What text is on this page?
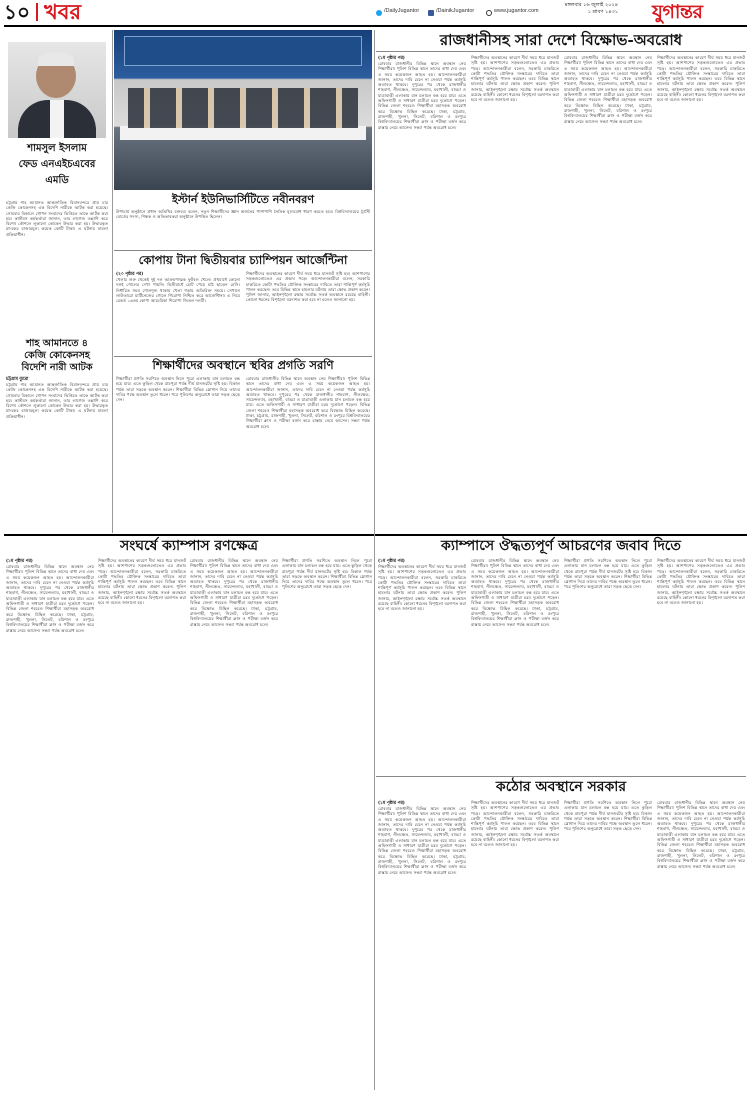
১০ খবর	/DailyJugantor	/DainikJugantor	www.jugantor.com
মঙ্গলবার ১৬ জুলাই ২০২৪
১ শ্রাবণ ১৪৩১ যুগান্তর
শামসুল ইসলাম
ফেড এনএইচএবের
এমডি
চট্টগ্রাম শাহ আমানত আন্তর্জাতিক বিমানবন্দরে প্রায় চার কেজি কোকেনসহ এক বিদেশি নারীকে আটক করা হয়েছে। সোমবার বিকালে গোপন সংবাদের ভিত্তিতে তাকে আটক করা হয়। কাস্টমস কর্মকর্তারা জানান, তার লাগেজ তল্লাশি করে বিশেষ কৌশলে লুকানো কোকেন উদ্ধার করা হয়। উদ্ধারকৃত মাদকের বাজারমূল্য কয়েক কোটি টাকা। এ ঘটনায় মামলা প্রক্রিয়াধীন।
শাহ আমানতে ৪
কেজি কোকেনসহ
বিদেশি নারী আটক
চট্টগ্রাম ব্যুরো
চট্টগ্রাম শাহ আমানত আন্তর্জাতিক বিমানবন্দরে প্রায় চার কেজি কোকেনসহ এক বিদেশি নারীকে আটক করা হয়েছে। সোমবার বিকালে গোপন সংবাদের ভিত্তিতে তাকে আটক করা হয়। কাস্টমস কর্মকর্তারা জানান, তার লাগেজ তল্লাশি করে বিশেষ কৌশলে লুকানো কোকেন উদ্ধার করা হয়। উদ্ধারকৃত মাদকের বাজারমূল্য কয়েক কোটি টাকা। এ ঘটনায় মামলা প্রক্রিয়াধীন।
ইস্টার্ন ইউনিভার্সিটিতে নবীনবরণ
উপাচার্য অনুষ্ঠানে প্রধান অতিথির বক্তব্যে বলেন, নতুন শিক্ষার্থীদের জ্ঞান অর্জনের পাশাপাশি নৈতিক মূল্যবোধ ধারণ করতে হবে। বিশ্ববিদ্যালয়ের ট্রাস্টি বোর্ডের সদস্য, শিক্ষক ও অভিভাবকরা অনুষ্ঠানে উপস্থিত ছিলেন।
কোপায় টানা দ্বিতীয়বার চ্যাম্পিয়ন আর্জেন্টিনা
(২০ পৃষ্ঠার পর)
খেলার শুরু থেকেই দুই দল আক্রমণাত্মক ফুটবল খেলে। প্রথমার্ধে কোনো দলই গোলের দেখা পায়নি। দ্বিতীয়ার্ধে চোট পেয়ে মাঠ ছাড়েন মেসি। নির্ধারিত সময় গোলশূন্য থাকায় খেলা গড়ায় অতিরিক্ত সময়ে। সেখানে লাউতারো মার্টিনেজের গোলে শিরোপা নিশ্চিত করে আর্জেন্টিনা। এ নিয়ে রেকর্ড ১৬তম কোপা আমেরিকা শিরোপা জিতল দলটি।
শিক্ষার্থীদের অবস্থানের কারণে দীর্ঘ সময় ধরে যানজট সৃষ্টি হয়। আশপাশের সড়কগুলোতেও এর প্রভাব পড়ে। আন্দোলনকারীরা বলেন, সরকারি চাকরিতে কোটা পদ্ধতির যৌক্তিক সংস্কারের দাবিতে তারা শান্তিপূর্ণ কর্মসূচি পালন করছেন। তবে বিভিন্ন স্থানে হামলার ঘটনায় তারা ক্ষোভ প্রকাশ করেন। পুলিশ জানায়, আইনশৃঙ্খলা রক্ষায় সর্বোচ্চ সতর্ক অবস্থানে রয়েছে বাহিনী। কোনো ধরনের বিশৃঙ্খলা বরদাশত করা হবে না বলেও জানানো হয়।
শিক্ষার্থীদের অবস্থানে স্থবির প্রগতি সরণি
শিক্ষার্থীরা প্রগতি সরণিতে অবস্থান নিলে পুরো এলাকায় যান চলাচল বন্ধ হয়ে যায়। এতে কুড়িল থেকে রামপুরা পর্যন্ত দীর্ঘ যানজটের সৃষ্টি হয়। বিকাল পর্যন্ত তারা সড়কে অবস্থান করেন। শিক্ষার্থীরা বিভিন্ন স্লোগান দিয়ে তাদের দাবির পক্ষে অবস্থান তুলে ধরেন। পরে পুলিশের অনুরোধে তারা সড়ক ছেড়ে দেন।
রোববার রাজধানীর বিভিন্ন স্থানে অবস্থান নেয় শিক্ষার্থীরা। পুলিশ বিভিন্ন স্থানে তাদের বাধা দেয় এবং এ সময় কয়েকজন আহত হয়। আন্দোলনকারীরা জানান, তাদের দাবি মেনে না নেওয়া পর্যন্ত কর্মসূচি অব্যাহত থাকবে। দুপুরের পর থেকে রাজধানীর শাহবাগ, নীলক্ষেত, সায়েন্সল্যাব, মহাখালী, বাড্ডা ও যাত্রাবাড়ী এলাকায় যান চলাচল বন্ধ হয়ে যায়। এতে অফিসগামী ও সাধারণ যাত্রীরা চরম দুর্ভোগে পড়েন। বিভিন্ন জেলা শহরেও শিক্ষার্থীরা মহাসড়ক অবরোধ করে বিক্ষোভ মিছিল করেছে। ঢাকা, চট্টগ্রাম, রাজশাহী, খুলনা, সিলেট, বরিশাল ও রংপুরে বিশ্ববিদ্যালয়ের শিক্ষার্থীরা ক্লাস ও পরীক্ষা বর্জন করে রাস্তায় নেমে আসেন। সন্ধ্যা পর্যন্ত অবরোধ চলে।
রাজধানীসহ সারা দেশে বিক্ষোভ-অবরোধ
(১ম পৃষ্ঠার পর)
রোববার রাজধানীর বিভিন্ন স্থানে অবস্থান নেয় শিক্ষার্থীরা। পুলিশ বিভিন্ন স্থানে তাদের বাধা দেয় এবং এ সময় কয়েকজন আহত হয়। আন্দোলনকারীরা জানান, তাদের দাবি মেনে না নেওয়া পর্যন্ত কর্মসূচি অব্যাহত থাকবে। দুপুরের পর থেকে রাজধানীর শাহবাগ, নীলক্ষেত, সায়েন্সল্যাব, মহাখালী, বাড্ডা ও যাত্রাবাড়ী এলাকায় যান চলাচল বন্ধ হয়ে যায়। এতে অফিসগামী ও সাধারণ যাত্রীরা চরম দুর্ভোগে পড়েন। বিভিন্ন জেলা শহরেও শিক্ষার্থীরা মহাসড়ক অবরোধ করে বিক্ষোভ মিছিল করেছে। ঢাকা, চট্টগ্রাম, রাজশাহী, খুলনা, সিলেট, বরিশাল ও রংপুরে বিশ্ববিদ্যালয়ের শিক্ষার্থীরা ক্লাস ও পরীক্ষা বর্জন করে রাস্তায় নেমে আসেন। সন্ধ্যা পর্যন্ত অবরোধ চলে।
শিক্ষার্থীদের অবস্থানের কারণে দীর্ঘ সময় ধরে যানজট সৃষ্টি হয়। আশপাশের সড়কগুলোতেও এর প্রভাব পড়ে। আন্দোলনকারীরা বলেন, সরকারি চাকরিতে কোটা পদ্ধতির যৌক্তিক সংস্কারের দাবিতে তারা শান্তিপূর্ণ কর্মসূচি পালন করছেন। তবে বিভিন্ন স্থানে হামলার ঘটনায় তারা ক্ষোভ প্রকাশ করেন। পুলিশ জানায়, আইনশৃঙ্খলা রক্ষায় সর্বোচ্চ সতর্ক অবস্থানে রয়েছে বাহিনী। কোনো ধরনের বিশৃঙ্খলা বরদাশত করা হবে না বলেও জানানো হয়।
রোববার রাজধানীর বিভিন্ন স্থানে অবস্থান নেয় শিক্ষার্থীরা। পুলিশ বিভিন্ন স্থানে তাদের বাধা দেয় এবং এ সময় কয়েকজন আহত হয়। আন্দোলনকারীরা জানান, তাদের দাবি মেনে না নেওয়া পর্যন্ত কর্মসূচি অব্যাহত থাকবে। দুপুরের পর থেকে রাজধানীর শাহবাগ, নীলক্ষেত, সায়েন্সল্যাব, মহাখালী, বাড্ডা ও যাত্রাবাড়ী এলাকায় যান চলাচল বন্ধ হয়ে যায়। এতে অফিসগামী ও সাধারণ যাত্রীরা চরম দুর্ভোগে পড়েন। বিভিন্ন জেলা শহরেও শিক্ষার্থীরা মহাসড়ক অবরোধ করে বিক্ষোভ মিছিল করেছে। ঢাকা, চট্টগ্রাম, রাজশাহী, খুলনা, সিলেট, বরিশাল ও রংপুরে বিশ্ববিদ্যালয়ের শিক্ষার্থীরা ক্লাস ও পরীক্ষা বর্জন করে রাস্তায় নেমে আসেন। সন্ধ্যা পর্যন্ত অবরোধ চলে।
শিক্ষার্থীদের অবস্থানের কারণে দীর্ঘ সময় ধরে যানজট সৃষ্টি হয়। আশপাশের সড়কগুলোতেও এর প্রভাব পড়ে। আন্দোলনকারীরা বলেন, সরকারি চাকরিতে কোটা পদ্ধতির যৌক্তিক সংস্কারের দাবিতে তারা শান্তিপূর্ণ কর্মসূচি পালন করছেন। তবে বিভিন্ন স্থানে হামলার ঘটনায় তারা ক্ষোভ প্রকাশ করেন। পুলিশ জানায়, আইনশৃঙ্খলা রক্ষায় সর্বোচ্চ সতর্ক অবস্থানে রয়েছে বাহিনী। কোনো ধরনের বিশৃঙ্খলা বরদাশত করা হবে না বলেও জানানো হয়।
সংঘর্ষে ক্যাম্পাস রণক্ষেত্র
(১ম পৃষ্ঠার পর)
রোববার রাজধানীর বিভিন্ন স্থানে অবস্থান নেয় শিক্ষার্থীরা। পুলিশ বিভিন্ন স্থানে তাদের বাধা দেয় এবং এ সময় কয়েকজন আহত হয়। আন্দোলনকারীরা জানান, তাদের দাবি মেনে না নেওয়া পর্যন্ত কর্মসূচি অব্যাহত থাকবে। দুপুরের পর থেকে রাজধানীর শাহবাগ, নীলক্ষেত, সায়েন্সল্যাব, মহাখালী, বাড্ডা ও যাত্রাবাড়ী এলাকায় যান চলাচল বন্ধ হয়ে যায়। এতে অফিসগামী ও সাধারণ যাত্রীরা চরম দুর্ভোগে পড়েন। বিভিন্ন জেলা শহরেও শিক্ষার্থীরা মহাসড়ক অবরোধ করে বিক্ষোভ মিছিল করেছে। ঢাকা, চট্টগ্রাম, রাজশাহী, খুলনা, সিলেট, বরিশাল ও রংপুরে বিশ্ববিদ্যালয়ের শিক্ষার্থীরা ক্লাস ও পরীক্ষা বর্জন করে রাস্তায় নেমে আসেন। সন্ধ্যা পর্যন্ত অবরোধ চলে।
শিক্ষার্থীদের অবস্থানের কারণে দীর্ঘ সময় ধরে যানজট সৃষ্টি হয়। আশপাশের সড়কগুলোতেও এর প্রভাব পড়ে। আন্দোলনকারীরা বলেন, সরকারি চাকরিতে কোটা পদ্ধতির যৌক্তিক সংস্কারের দাবিতে তারা শান্তিপূর্ণ কর্মসূচি পালন করছেন। তবে বিভিন্ন স্থানে হামলার ঘটনায় তারা ক্ষোভ প্রকাশ করেন। পুলিশ জানায়, আইনশৃঙ্খলা রক্ষায় সর্বোচ্চ সতর্ক অবস্থানে রয়েছে বাহিনী। কোনো ধরনের বিশৃঙ্খলা বরদাশত করা হবে না বলেও জানানো হয়।
রোববার রাজধানীর বিভিন্ন স্থানে অবস্থান নেয় শিক্ষার্থীরা। পুলিশ বিভিন্ন স্থানে তাদের বাধা দেয় এবং এ সময় কয়েকজন আহত হয়। আন্দোলনকারীরা জানান, তাদের দাবি মেনে না নেওয়া পর্যন্ত কর্মসূচি অব্যাহত থাকবে। দুপুরের পর থেকে রাজধানীর শাহবাগ, নীলক্ষেত, সায়েন্সল্যাব, মহাখালী, বাড্ডা ও যাত্রাবাড়ী এলাকায় যান চলাচল বন্ধ হয়ে যায়। এতে অফিসগামী ও সাধারণ যাত্রীরা চরম দুর্ভোগে পড়েন। বিভিন্ন জেলা শহরেও শিক্ষার্থীরা মহাসড়ক অবরোধ করে বিক্ষোভ মিছিল করেছে। ঢাকা, চট্টগ্রাম, রাজশাহী, খুলনা, সিলেট, বরিশাল ও রংপুরে বিশ্ববিদ্যালয়ের শিক্ষার্থীরা ক্লাস ও পরীক্ষা বর্জন করে রাস্তায় নেমে আসেন। সন্ধ্যা পর্যন্ত অবরোধ চলে।
শিক্ষার্থীরা প্রগতি সরণিতে অবস্থান নিলে পুরো এলাকায় যান চলাচল বন্ধ হয়ে যায়। এতে কুড়িল থেকে রামপুরা পর্যন্ত দীর্ঘ যানজটের সৃষ্টি হয়। বিকাল পর্যন্ত তারা সড়কে অবস্থান করেন। শিক্ষার্থীরা বিভিন্ন স্লোগান দিয়ে তাদের দাবির পক্ষে অবস্থান তুলে ধরেন। পরে পুলিশের অনুরোধে তারা সড়ক ছেড়ে দেন।
ক্যাম্পাসে ঔদ্ধত্যপূর্ণ আচরণের জবাব দিতে
(১ম পৃষ্ঠার পর)
শিক্ষার্থীদের অবস্থানের কারণে দীর্ঘ সময় ধরে যানজট সৃষ্টি হয়। আশপাশের সড়কগুলোতেও এর প্রভাব পড়ে। আন্দোলনকারীরা বলেন, সরকারি চাকরিতে কোটা পদ্ধতির যৌক্তিক সংস্কারের দাবিতে তারা শান্তিপূর্ণ কর্মসূচি পালন করছেন। তবে বিভিন্ন স্থানে হামলার ঘটনায় তারা ক্ষোভ প্রকাশ করেন। পুলিশ জানায়, আইনশৃঙ্খলা রক্ষায় সর্বোচ্চ সতর্ক অবস্থানে রয়েছে বাহিনী। কোনো ধরনের বিশৃঙ্খলা বরদাশত করা হবে না বলেও জানানো হয়।
রোববার রাজধানীর বিভিন্ন স্থানে অবস্থান নেয় শিক্ষার্থীরা। পুলিশ বিভিন্ন স্থানে তাদের বাধা দেয় এবং এ সময় কয়েকজন আহত হয়। আন্দোলনকারীরা জানান, তাদের দাবি মেনে না নেওয়া পর্যন্ত কর্মসূচি অব্যাহত থাকবে। দুপুরের পর থেকে রাজধানীর শাহবাগ, নীলক্ষেত, সায়েন্সল্যাব, মহাখালী, বাড্ডা ও যাত্রাবাড়ী এলাকায় যান চলাচল বন্ধ হয়ে যায়। এতে অফিসগামী ও সাধারণ যাত্রীরা চরম দুর্ভোগে পড়েন। বিভিন্ন জেলা শহরেও শিক্ষার্থীরা মহাসড়ক অবরোধ করে বিক্ষোভ মিছিল করেছে। ঢাকা, চট্টগ্রাম, রাজশাহী, খুলনা, সিলেট, বরিশাল ও রংপুরে বিশ্ববিদ্যালয়ের শিক্ষার্থীরা ক্লাস ও পরীক্ষা বর্জন করে রাস্তায় নেমে আসেন। সন্ধ্যা পর্যন্ত অবরোধ চলে।
শিক্ষার্থীরা প্রগতি সরণিতে অবস্থান নিলে পুরো এলাকায় যান চলাচল বন্ধ হয়ে যায়। এতে কুড়িল থেকে রামপুরা পর্যন্ত দীর্ঘ যানজটের সৃষ্টি হয়। বিকাল পর্যন্ত তারা সড়কে অবস্থান করেন। শিক্ষার্থীরা বিভিন্ন স্লোগান দিয়ে তাদের দাবির পক্ষে অবস্থান তুলে ধরেন। পরে পুলিশের অনুরোধে তারা সড়ক ছেড়ে দেন।
শিক্ষার্থীদের অবস্থানের কারণে দীর্ঘ সময় ধরে যানজট সৃষ্টি হয়। আশপাশের সড়কগুলোতেও এর প্রভাব পড়ে। আন্দোলনকারীরা বলেন, সরকারি চাকরিতে কোটা পদ্ধতির যৌক্তিক সংস্কারের দাবিতে তারা শান্তিপূর্ণ কর্মসূচি পালন করছেন। তবে বিভিন্ন স্থানে হামলার ঘটনায় তারা ক্ষোভ প্রকাশ করেন। পুলিশ জানায়, আইনশৃঙ্খলা রক্ষায় সর্বোচ্চ সতর্ক অবস্থানে রয়েছে বাহিনী। কোনো ধরনের বিশৃঙ্খলা বরদাশত করা হবে না বলেও জানানো হয়।
কঠোর অবস্থানে সরকার
(১ম পৃষ্ঠার পর)
রোববার রাজধানীর বিভিন্ন স্থানে অবস্থান নেয় শিক্ষার্থীরা। পুলিশ বিভিন্ন স্থানে তাদের বাধা দেয় এবং এ সময় কয়েকজন আহত হয়। আন্দোলনকারীরা জানান, তাদের দাবি মেনে না নেওয়া পর্যন্ত কর্মসূচি অব্যাহত থাকবে। দুপুরের পর থেকে রাজধানীর শাহবাগ, নীলক্ষেত, সায়েন্সল্যাব, মহাখালী, বাড্ডা ও যাত্রাবাড়ী এলাকায় যান চলাচল বন্ধ হয়ে যায়। এতে অফিসগামী ও সাধারণ যাত্রীরা চরম দুর্ভোগে পড়েন। বিভিন্ন জেলা শহরেও শিক্ষার্থীরা মহাসড়ক অবরোধ করে বিক্ষোভ মিছিল করেছে। ঢাকা, চট্টগ্রাম, রাজশাহী, খুলনা, সিলেট, বরিশাল ও রংপুরে বিশ্ববিদ্যালয়ের শিক্ষার্থীরা ক্লাস ও পরীক্ষা বর্জন করে রাস্তায় নেমে আসেন। সন্ধ্যা পর্যন্ত অবরোধ চলে।
শিক্ষার্থীদের অবস্থানের কারণে দীর্ঘ সময় ধরে যানজট সৃষ্টি হয়। আশপাশের সড়কগুলোতেও এর প্রভাব পড়ে। আন্দোলনকারীরা বলেন, সরকারি চাকরিতে কোটা পদ্ধতির যৌক্তিক সংস্কারের দাবিতে তারা শান্তিপূর্ণ কর্মসূচি পালন করছেন। তবে বিভিন্ন স্থানে হামলার ঘটনায় তারা ক্ষোভ প্রকাশ করেন। পুলিশ জানায়, আইনশৃঙ্খলা রক্ষায় সর্বোচ্চ সতর্ক অবস্থানে রয়েছে বাহিনী। কোনো ধরনের বিশৃঙ্খলা বরদাশত করা হবে না বলেও জানানো হয়।
শিক্ষার্থীরা প্রগতি সরণিতে অবস্থান নিলে পুরো এলাকায় যান চলাচল বন্ধ হয়ে যায়। এতে কুড়িল থেকে রামপুরা পর্যন্ত দীর্ঘ যানজটের সৃষ্টি হয়। বিকাল পর্যন্ত তারা সড়কে অবস্থান করেন। শিক্ষার্থীরা বিভিন্ন স্লোগান দিয়ে তাদের দাবির পক্ষে অবস্থান তুলে ধরেন। পরে পুলিশের অনুরোধে তারা সড়ক ছেড়ে দেন।
রোববার রাজধানীর বিভিন্ন স্থানে অবস্থান নেয় শিক্ষার্থীরা। পুলিশ বিভিন্ন স্থানে তাদের বাধা দেয় এবং এ সময় কয়েকজন আহত হয়। আন্দোলনকারীরা জানান, তাদের দাবি মেনে না নেওয়া পর্যন্ত কর্মসূচি অব্যাহত থাকবে। দুপুরের পর থেকে রাজধানীর শাহবাগ, নীলক্ষেত, সায়েন্সল্যাব, মহাখালী, বাড্ডা ও যাত্রাবাড়ী এলাকায় যান চলাচল বন্ধ হয়ে যায়। এতে অফিসগামী ও সাধারণ যাত্রীরা চরম দুর্ভোগে পড়েন। বিভিন্ন জেলা শহরেও শিক্ষার্থীরা মহাসড়ক অবরোধ করে বিক্ষোভ মিছিল করেছে। ঢাকা, চট্টগ্রাম, রাজশাহী, খুলনা, সিলেট, বরিশাল ও রংপুরে বিশ্ববিদ্যালয়ের শিক্ষার্থীরা ক্লাস ও পরীক্ষা বর্জন করে রাস্তায় নেমে আসেন। সন্ধ্যা পর্যন্ত অবরোধ চলে।
